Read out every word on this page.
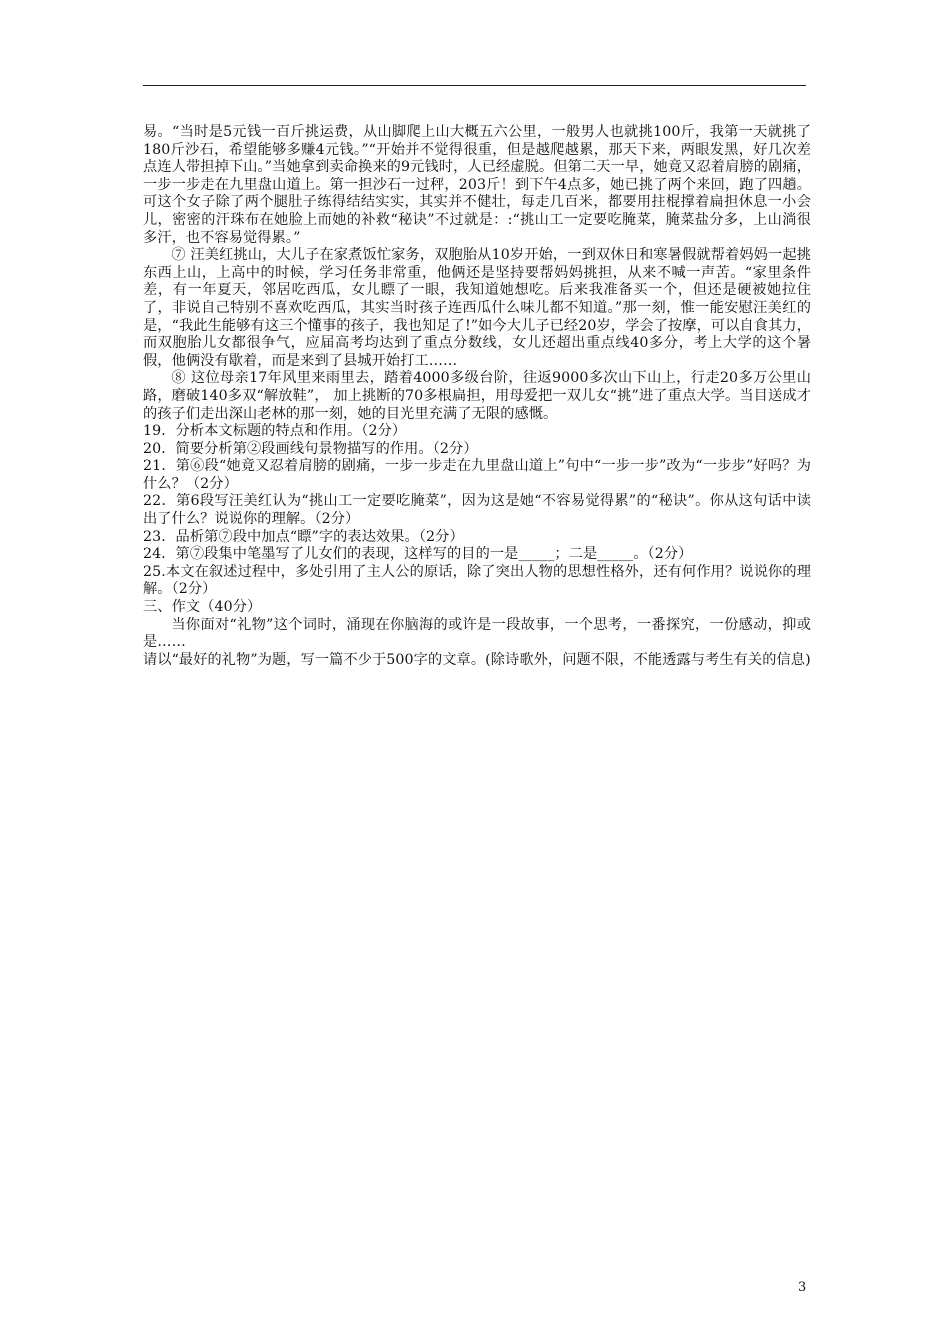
易。“当时是5元钱一百斤挑运费，从山脚爬上山大概五六公里，一般男人也就挑100斤，我第一天就挑了180斤沙石，希望能够多赚4元钱。”“开始并不觉得很重，但是越爬越累，那天下来，两眼发黑，好几次差点连人带担掉下山。”当她拿到卖命换来的9元钱时，人已经虚脱。但第二天一早，她竟又忍着肩膀的剧痛，一步一步走在九里盘山道上。第一担沙石一过秤，203斤！到下午4点多，她已挑了两个来回，跑了四趟。可这个女子除了两个腿肚子练得结结实实，其实并不健壮，每走几百米，都要用拄棍撑着扁担休息一小会儿，密密的汗珠布在她脸上而她的补救“秘诀”不过就是：:“挑山工一定要吃腌菜，腌菜盐分多，上山淌很多汗，也不容易觉得累。”

⑦ 汪美红挑山，大儿子在家煮饭忙家务，双胞胎从10岁开始，一到双休日和寒暑假就帮着妈妈一起挑东西上山，上高中的时候，学习任务非常重，他俩还是坚持要帮妈妈挑担，从来不喊一声苦。“家里条件差，有一年夏天，邻居吃西瓜，女儿瞟了一眼，我知道她想吃。后来我准备买一个，但还是硬被她拉住了，非说自己特别不喜欢吃西瓜，其实当时孩子连西瓜什么味儿都不知道。”那一刻，惟一能安慰汪美红的是，“我此生能够有这三个懂事的孩子，我也知足了!”如今大儿子已经20岁，学会了按摩，可以自食其力，而双胞胎儿女都很争气，应届高考均达到了重点分数线，女儿还超出重点线40多分，考上大学的这个暑假，他俩没有歇着，而是来到了县城开始打工……

⑧ 这位母亲17年风里来雨里去，踏着4000多级台阶，往返9000多次山下山上，行走20多万公里山路，磨破140多双“解放鞋”， 加上挑断的70多根扁担，用母爱把一双儿女“挑”进了重点大学。当目送成才的孩子们走出深山老林的那一刻，她的目光里充满了无限的感慨。

19．分析本文标题的特点和作用。（2分）

20．简要分析第②段画线句景物描写的作用。（2分）

21．第⑥段“她竟又忍着肩膀的剧痛，一步一步走在九里盘山道上”句中“一步一步”改为“一步步”好吗？为什么？（2分）

22．第6段写汪美红认为“挑山工一定要吃腌菜”，因为这是她“不容易觉得累”的“秘诀”。你从这句话中读出了什么？说说你的理解。（2分）

23．品析第⑦段中加点“瞟”字的表达效果。（2分）

24．第⑦段集中笔墨写了儿女们的表现，这样写的目的一是_____；二是_____。（2分）

25.本文在叙述过程中，多处引用了主人公的原话，除了突出人物的思想性格外，还有何作用？说说你的理解。（2分）

三、作文（40分）

当你面对“礼物”这个词时，涌现在你脑海的或许是一段故事，一个思考，一番探究，一份感动，抑或是……

请以“最好的礼物”为题，写一篇不少于500字的文章。(除诗歌外，问题不限，不能透露与考生有关的信息)

3
